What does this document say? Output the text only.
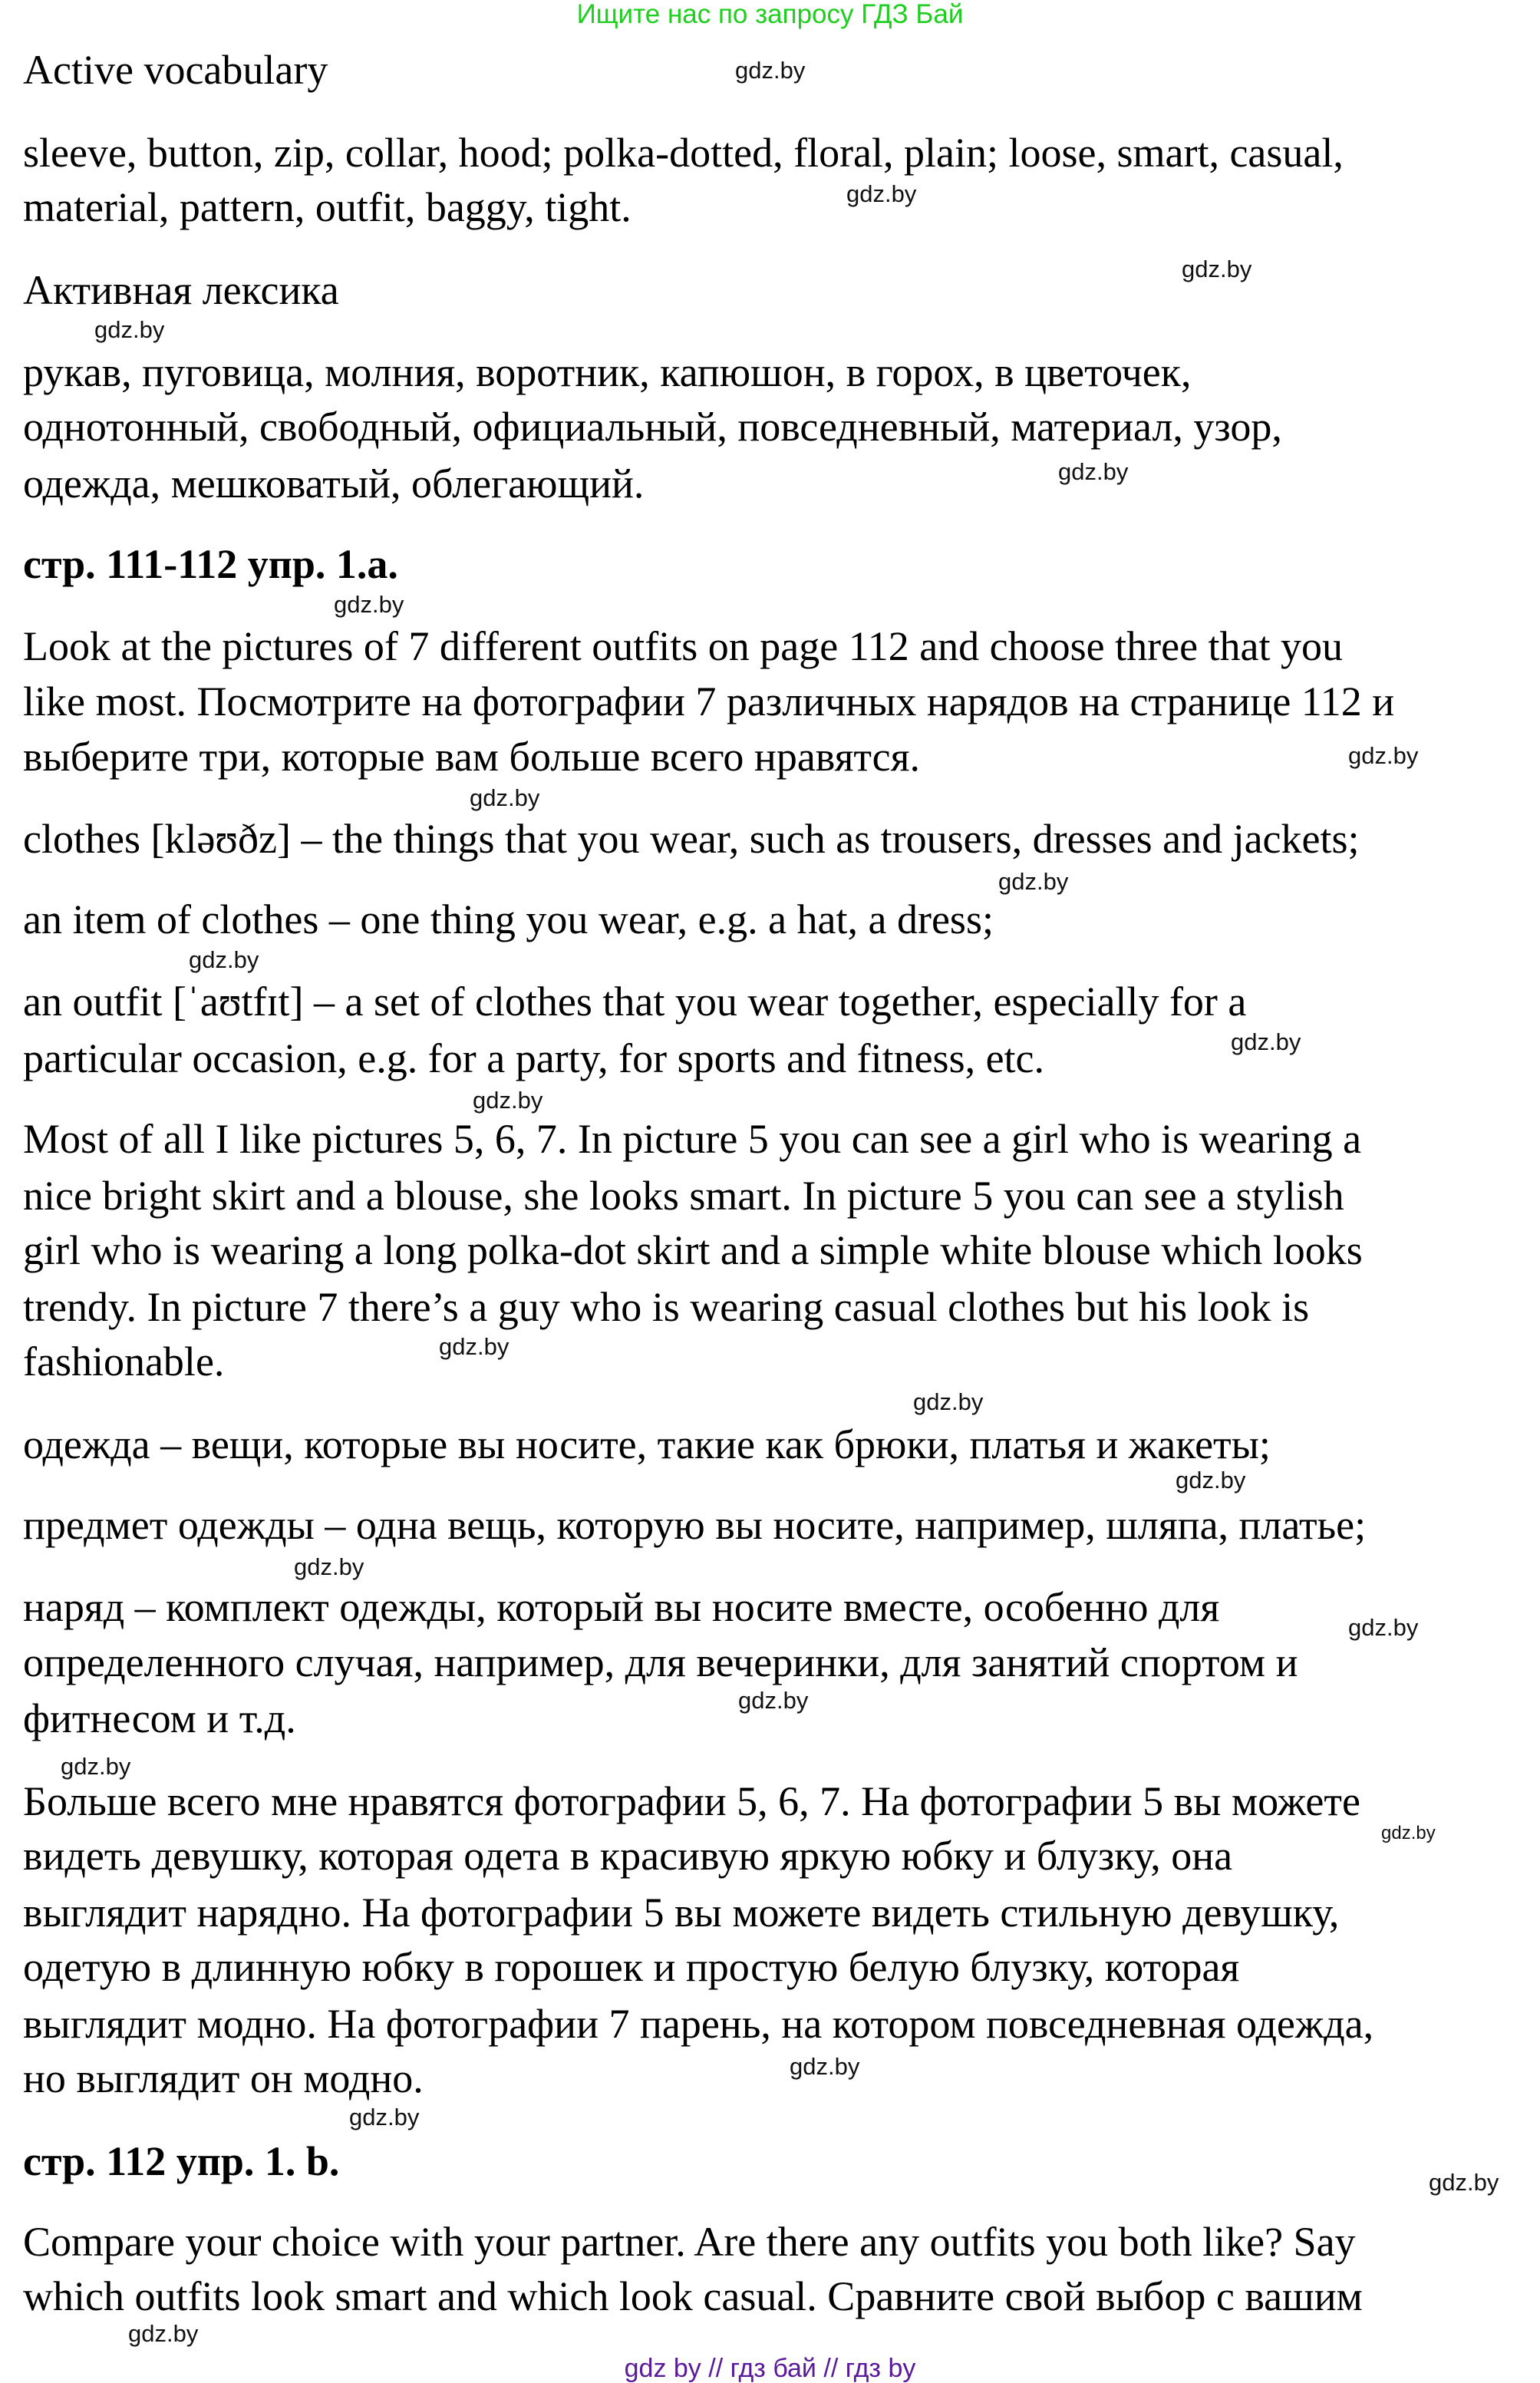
Ищите нас по запросу ГДЗ Бай
Active vocabulary
sleeve, button, zip, collar, hood; polka-dotted, floral, plain; loose, smart, casual,
material, pattern, outfit, baggy, tight.
Активная лексика
рукав, пуговица, молния, воротник, капюшон, в горох, в цветочек,
однотонный, свободный, официальный, повседневный, материал, узор,
одежда, мешковатый, облегающий.
стр. 111-112 упр. 1.а.
Look at the pictures of 7 different outfits on page 112 and choose three that you
like most. Посмотрите на фотографии 7 различных нарядов на странице 112 и
выберите три, которые вам больше всего нравятся.
clothes [kləʊðz] – the things that you wear, such as trousers, dresses and jackets;
an item of clothes – one thing you wear, e.g. a hat, a dress;
an outfit [ˈaʊtfɪt] – a set of clothes that you wear together, especially for a
particular occasion, e.g. for a party, for sports and fitness, etc.
Most of all I like pictures 5, 6, 7. In picture 5 you can see a girl who is wearing a
nice bright skirt and a blouse, she looks smart. In picture 5 you can see a stylish
girl who is wearing a long polka-dot skirt and a simple white blouse which looks
trendy. In picture 7 there’s a guy who is wearing casual clothes but his look is
fashionable.
одежда – вещи, которые вы носите, такие как брюки, платья и жакеты;
предмет одежды – одна вещь, которую вы носите, например, шляпа, платье;
наряд – комплект одежды, который вы носите вместе, особенно для
определенного случая, например, для вечеринки, для занятий спортом и
фитнесом и т.д.
Больше всего мне нравятся фотографии 5, 6, 7. На фотографии 5 вы можете
видеть девушку, которая одета в красивую яркую юбку и блузку, она
выглядит нарядно. На фотографии 5 вы можете видеть стильную девушку,
одетую в длинную юбку в горошек и простую белую блузку, которая
выглядит модно. На фотографии 7 парень, на котором повседневная одежда,
но выглядит он модно.
стр. 112 упр. 1. b.
Compare your choice with your partner. Are there any outfits you both like? Say
which outfits look smart and which look casual. Сравните свой выбор с вашим
gdz.by
gdz.by
gdz.by
gdz.by
gdz.by
gdz.by
gdz.by
gdz.by
gdz.by
gdz.by
gdz.by
gdz.by
gdz.by
gdz.by
gdz.by
gdz.by
gdz.by
gdz.by
gdz.by
gdz.by
gdz.by
gdz.by
gdz.by
gdz.by
gdz by // гдз бай // гдз by
